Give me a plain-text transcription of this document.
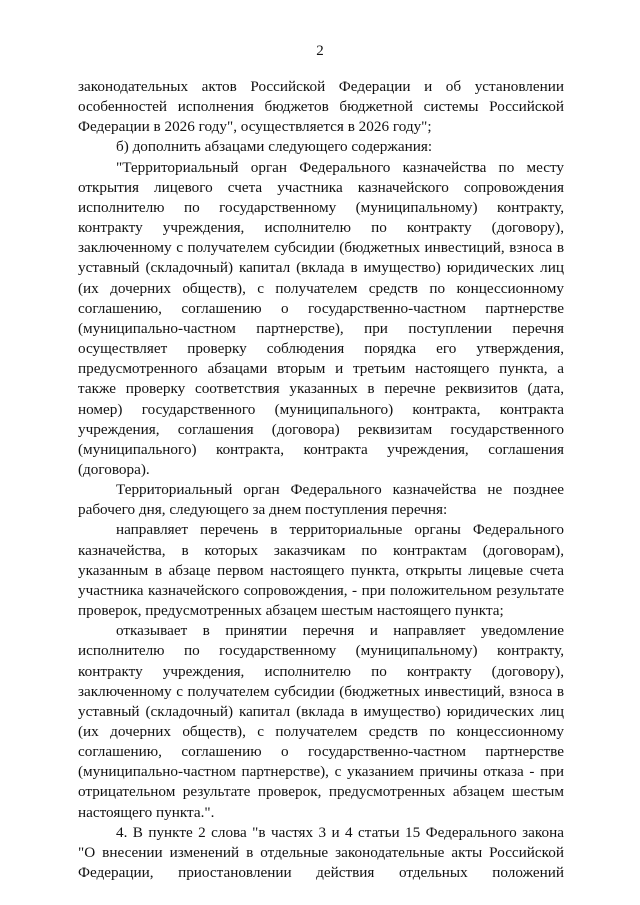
2

законодательных актов Российской Федерации и об установлении особенностей исполнения бюджетов бюджетной системы Российской Федерации в 2026 году", осуществляется в 2026 году";

б) дополнить абзацами следующего содержания:

"Территориальный орган Федерального казначейства по месту открытия лицевого счета участника казначейского сопровождения исполнителю по государственному (муниципальному) контракту, контракту учреждения, исполнителю по контракту (договору), заключенному с получателем субсидии (бюджетных инвестиций, взноса в уставный (складочный) капитал (вклада в имущество) юридических лиц (их дочерних обществ), с получателем средств по концессионному соглашению, соглашению о государственно-частном партнерстве (муниципально-частном партнерстве), при поступлении перечня осуществляет проверку соблюдения порядка его утверждения, предусмотренного абзацами вторым и третьим настоящего пункта, а также проверку соответствия указанных в перечне реквизитов (дата, номер) государственного (муниципального) контракта, контракта учреждения, соглашения (договора) реквизитам государственного (муниципального) контракта, контракта учреждения, соглашения (договора).

Территориальный орган Федерального казначейства не позднее рабочего дня, следующего за днем поступления перечня:

направляет перечень в территориальные органы Федерального казначейства, в которых заказчикам по контрактам (договорам), указанным в абзаце первом настоящего пункта, открыты лицевые счета участника казначейского сопровождения, - при положительном результате проверок, предусмотренных абзацем шестым настоящего пункта;

отказывает в принятии перечня и направляет уведомление исполнителю по государственному (муниципальному) контракту, контракту учреждения, исполнителю по контракту (договору), заключенному с получателем субсидии (бюджетных инвестиций, взноса в уставный (складочный) капитал (вклада в имущество) юридических лиц (их дочерних обществ), с получателем средств по концессионному соглашению, соглашению о государственно-частном партнерстве (муниципально-частном партнерстве), с указанием причины отказа - при отрицательном результате проверок, предусмотренных абзацем шестым настоящего пункта.".

4. В пункте 2 слова "в частях 3 и 4 статьи 15 Федерального закона "О внесении изменений в отдельные законодательные акты Российской Федерации, приостановлении действия отдельных положений
